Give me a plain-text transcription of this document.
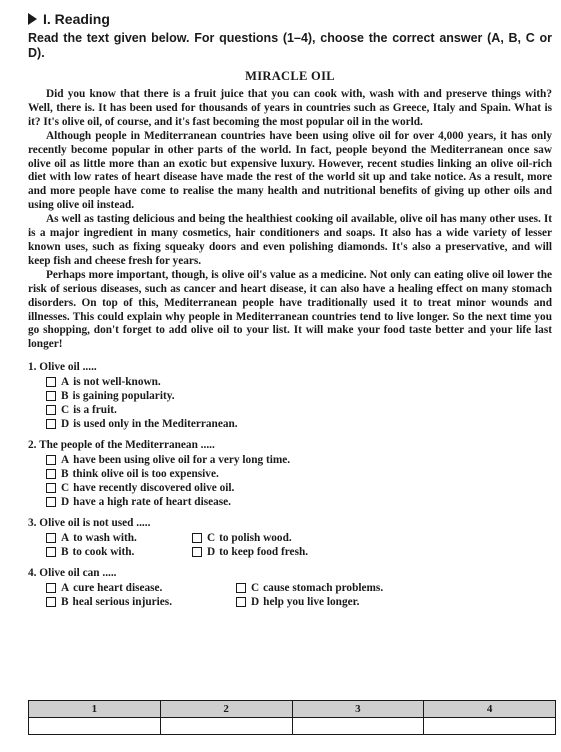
I. Reading
Read the text given below. For questions (1–4), choose the correct answer (A, B, C or D).
MIRACLE OIL

Did you know that there is a fruit juice that you can cook with, wash with and preserve things with? Well, there is. It has been used for thousands of years in countries such as Greece, Italy and Spain. What is it? It's olive oil, of course, and it's fast becoming the most popular oil in the world.

Although people in Mediterranean countries have been using olive oil for over 4,000 years, it has only recently become popular in other parts of the world. In fact, people beyond the Mediterranean once saw olive oil as little more than an exotic but expensive luxury. However, recent studies linking an olive oil-rich diet with low rates of heart disease have made the rest of the world sit up and take notice. As a result, more and more people have come to realise the many health and nutritional benefits of giving up other oils and using olive oil instead.

As well as tasting delicious and being the healthiest cooking oil available, olive oil has many other uses. It is a major ingredient in many cosmetics, hair conditioners and soaps. It also has a wide variety of lesser known uses, such as fixing squeaky doors and even polishing diamonds. It's also a preservative, and will keep fish and cheese fresh for years.

Perhaps more important, though, is olive oil's value as a medicine. Not only can eating olive oil lower the risk of serious diseases, such as cancer and heart disease, it can also have a healing effect on many stomach disorders. On top of this, Mediterranean people have traditionally used it to treat minor wounds and illnesses. This could explain why people in Mediterranean countries tend to live longer. So the next time you go shopping, don't forget to add olive oil to your list. It will make your food taste better and your life last longer!

1. Olive oil .....
A is not well-known.
B is gaining popularity.
C is a fruit.
D is used only in the Mediterranean.
2. The people of the Mediterranean .....
A have been using olive oil for a very long time.
B think olive oil is too expensive.
C have recently discovered olive oil.
D have a high rate of heart disease.
3. Olive oil is not used .....
A to wash with.	C to polish wood.
B to cook with.	D to keep food fresh.
4. Olive oil can .....
A cure heart disease.	C cause stomach problems.
B heal serious injuries.	D help you live longer.
1	2	3	4
